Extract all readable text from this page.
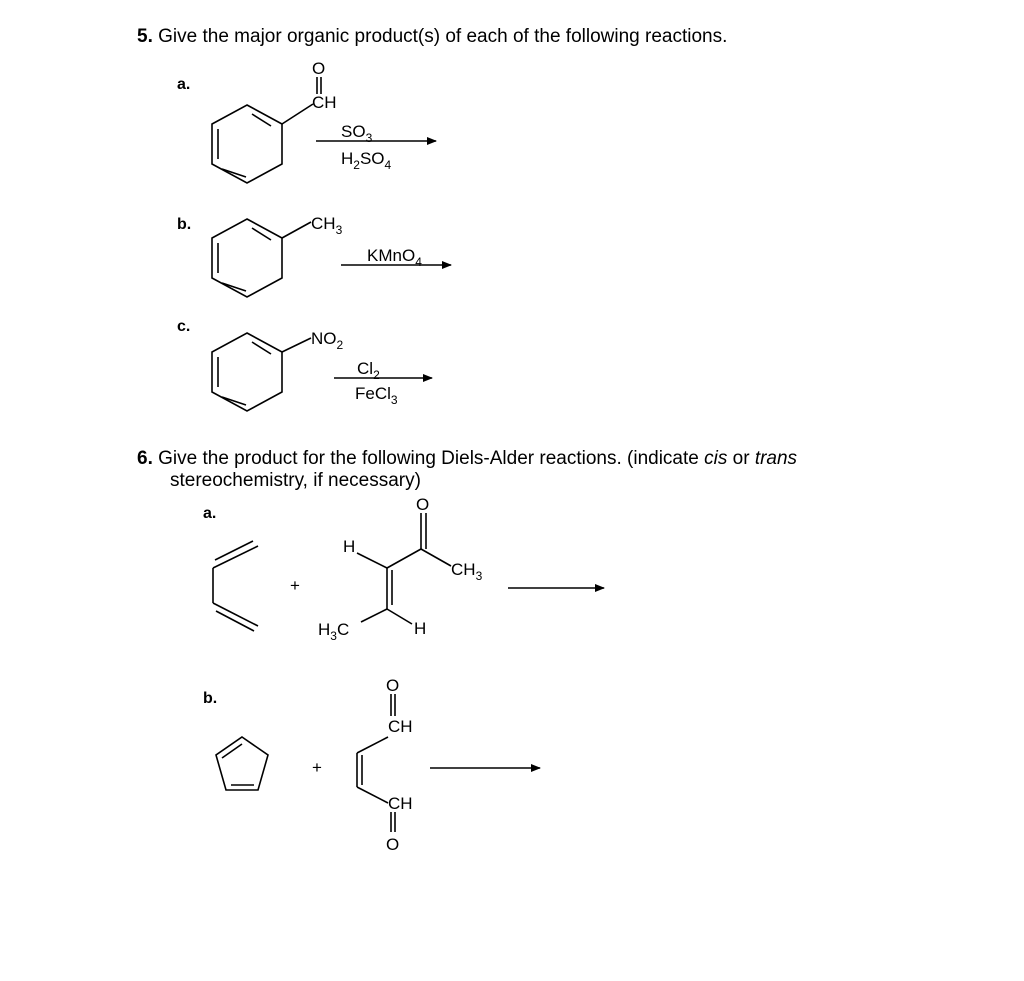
5. Give the major organic product(s) of each of the following reactions.

a.
b.
c.

6. Give the product for the following Diels-Alder reactions. (indicate cis or trans

stereochemistry, if necessary)

a.
b.
O
CH
$SO_3$
$H_2SO_4$
$CH_3$
KMnO$_4$
$NO_2$
$Cl_2$
FeCl$_3$
+
O
H
$CH_3$
$H_3C$	H
+
O
CH
CH
O
